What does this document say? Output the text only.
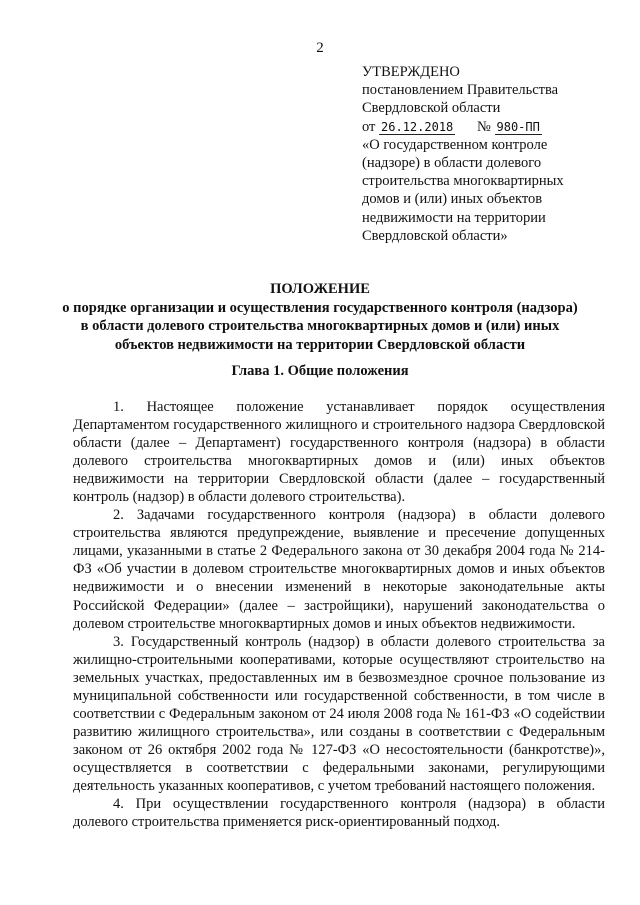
2
УТВЕРЖДЕНО
постановлением Правительства
Свердловской области
от 26.12.2018 № 980-ПП
«О государственном контроле
(надзоре) в области долевого
строительства многоквартирных
домов и (или) иных объектов
недвижимости на территории
Свердловской области»
ПОЛОЖЕНИЕ
о порядке организации и осуществления государственного контроля (надзора)
в области долевого строительства многоквартирных домов и (или) иных
объектов недвижимости на территории Свердловской области
Глава 1. Общие положения

1. Настоящее положение устанавливает порядок осуществления Департаментом государственного жилищного и строительного надзора Свердловской области (далее – Департамент) государственного контроля (надзора) в области долевого строительства многоквартирных домов и (или) иных объектов недвижимости на территории Свердловской области (далее – государственный контроль (надзор) в области долевого строительства).

2. Задачами государственного контроля (надзора) в области долевого строительства являются предупреждение, выявление и пресечение допущенных лицами, указанными в статье 2 Федерального закона от 30 декабря 2004 года № 214-ФЗ «Об участии в долевом строительстве многоквартирных домов и иных объектов недвижимости и о внесении изменений в некоторые законодательные акты Российской Федерации» (далее – застройщики), нарушений законодательства о долевом строительстве многоквартирных домов и иных объектов недвижимости.

3. Государственный контроль (надзор) в области долевого строительства за жилищно-строительными кооперативами, которые осуществляют строительство на земельных участках, предоставленных им в безвозмездное срочное пользование из муниципальной собственности или государственной собственности, в том числе в соответствии с Федеральным законом от 24 июля 2008 года № 161-ФЗ «О содействии развитию жилищного строительства», или созданы в соответствии с Федеральным законом от 26 октября 2002 года № 127-ФЗ «О несостоятельности (банкротстве)», осуществляется в соответствии с федеральными законами, регулирующими деятельность указанных кооперативов, с учетом требований настоящего положения.

4. При осуществлении государственного контроля (надзора) в области долевого строительства применяется риск-ориентированный подход.
